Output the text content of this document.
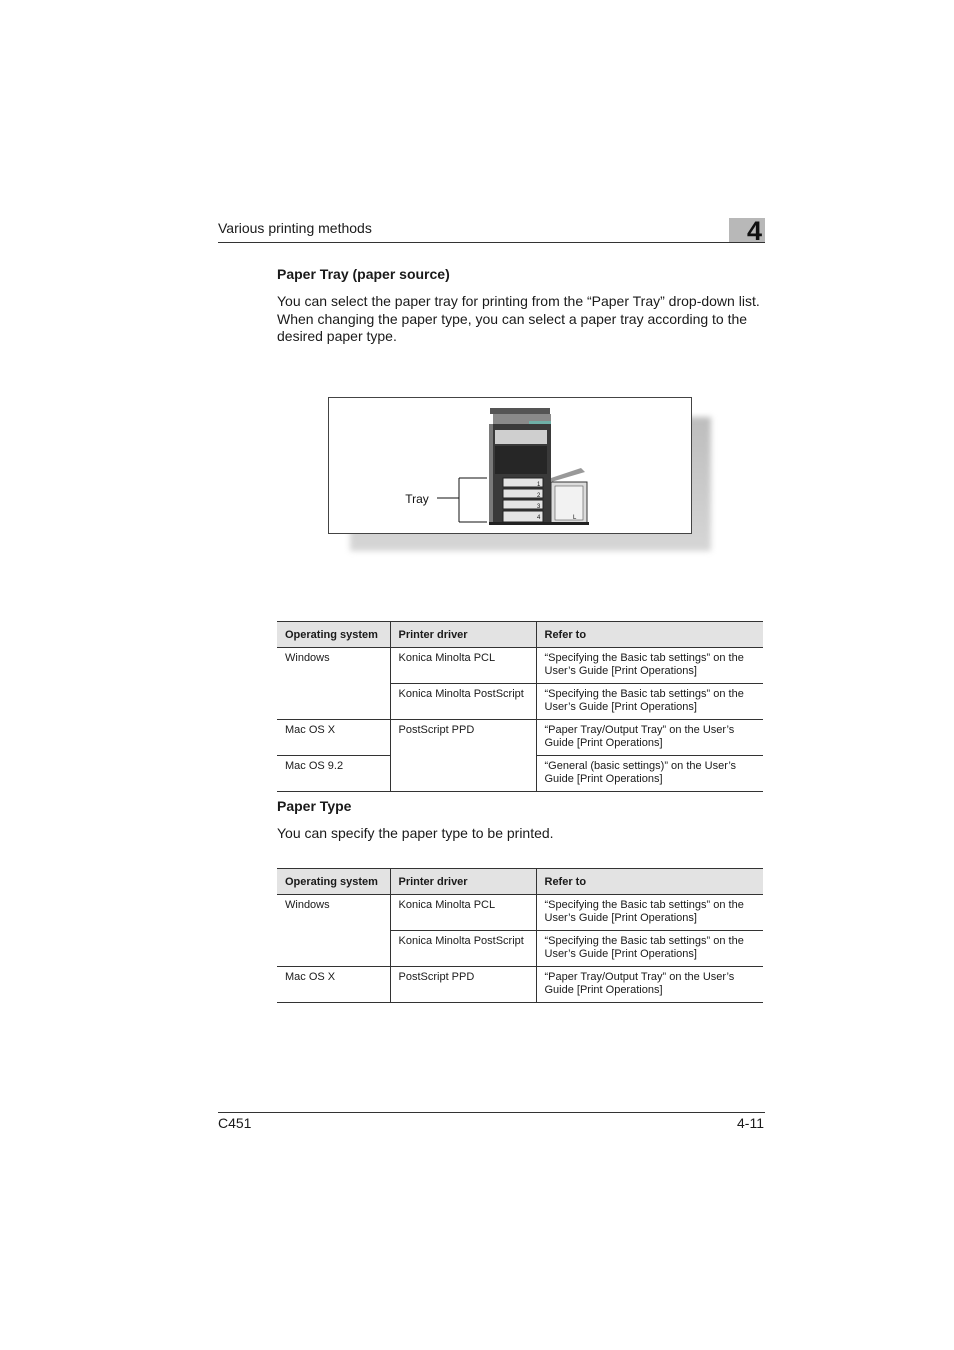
Various printing methods	4
Paper Tray (paper source)
You can select the paper tray for printing from the “Paper Tray” drop-down list. When changing the paper type, you can select a paper tray according to the desired paper type.
Tray
1
2
3
4	L
Operating system	Printer driver	Refer to
Windows	Konica Minolta PCL	“Specifying the Basic tab settings” on the User’s Guide [Print Operations]
	Konica Minolta PostScript	“Specifying the Basic tab settings” on the User’s Guide [Print Operations]
Mac OS X	PostScript PPD	“Paper Tray/Output Tray” on the User’s Guide [Print Operations]
Mac OS 9.2		“General (basic settings)” on the User’s Guide [Print Operations]
Paper Type
You can specify the paper type to be printed.
Operating system	Printer driver	Refer to
Windows	Konica Minolta PCL	“Specifying the Basic tab settings” on the User’s Guide [Print Operations]
	Konica Minolta PostScript	“Specifying the Basic tab settings” on the User’s Guide [Print Operations]
Mac OS X	PostScript PPD	“Paper Tray/Output Tray” on the User’s Guide [Print Operations]
C451	4-11
